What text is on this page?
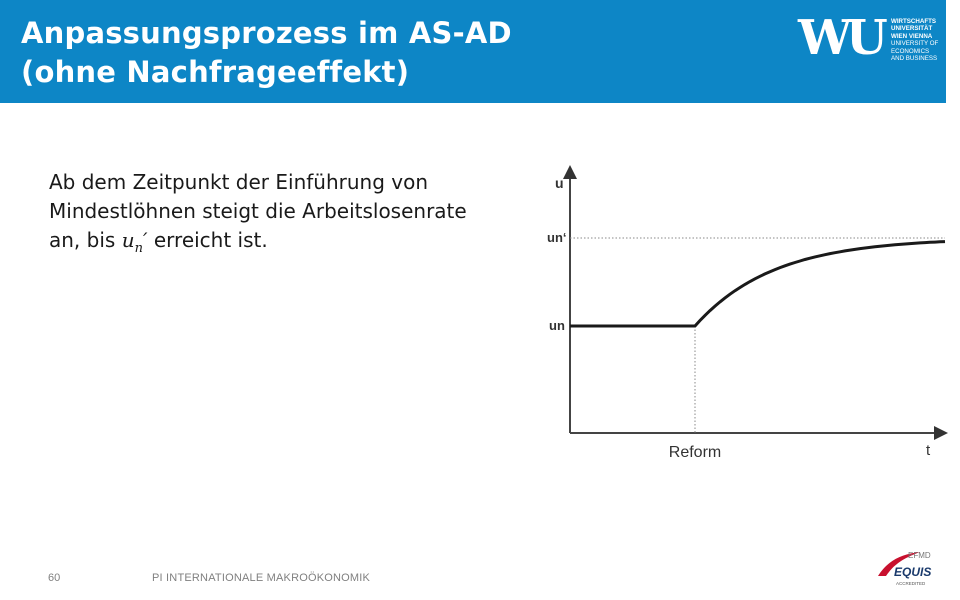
Anpassungsprozess im AS-AD
(ohne Nachfrageeffekt)
WU WIRTSCHAFTS
UNIVERSITÄT
WIEN VIENNA
UNIVERSITY OF
ECONOMICS
AND BUSINESS

Ab dem Zeitpunkt der Einführung von Mindestlöhnen steigt die Arbeitslosenrate an, bis $u_n'$ erreicht ist.

u
t
Reform
un
un‘
60	PI INTERNATIONALE MAKROÖKONOMIK
EFMD
EQUIS
ACCREDITED
